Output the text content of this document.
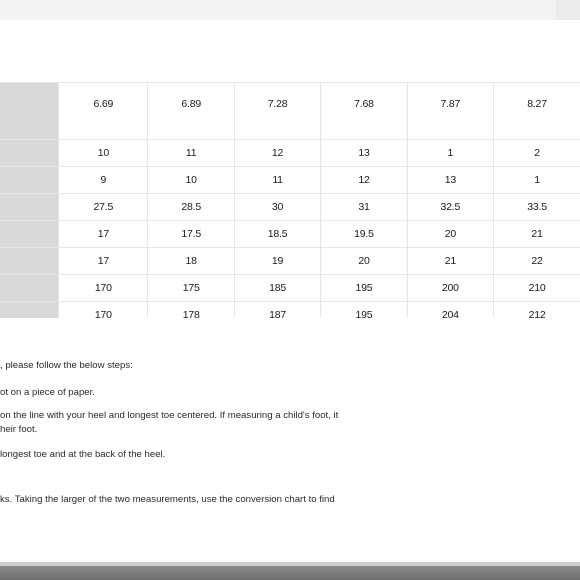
	6.69	6.89	7.28	7.68	7.87	8.27
	10	11	12	13	1	2
	9	10	11	12	13	1
	27.5	28.5	30	31	32.5	33.5
	17	17.5	18.5	19.5	20	21
	17	18	19	20	21	22
	170	175	185	195	200	210
	170	178	187	195	204	212
, please follow the below steps:
ot on a piece of paper.
on the line with your heel and longest toe centered. If measuring a child's foot, it
heir foot.
longest toe and at the back of the heel.
ks. Taking the larger of the two measurements, use the conversion chart to find
